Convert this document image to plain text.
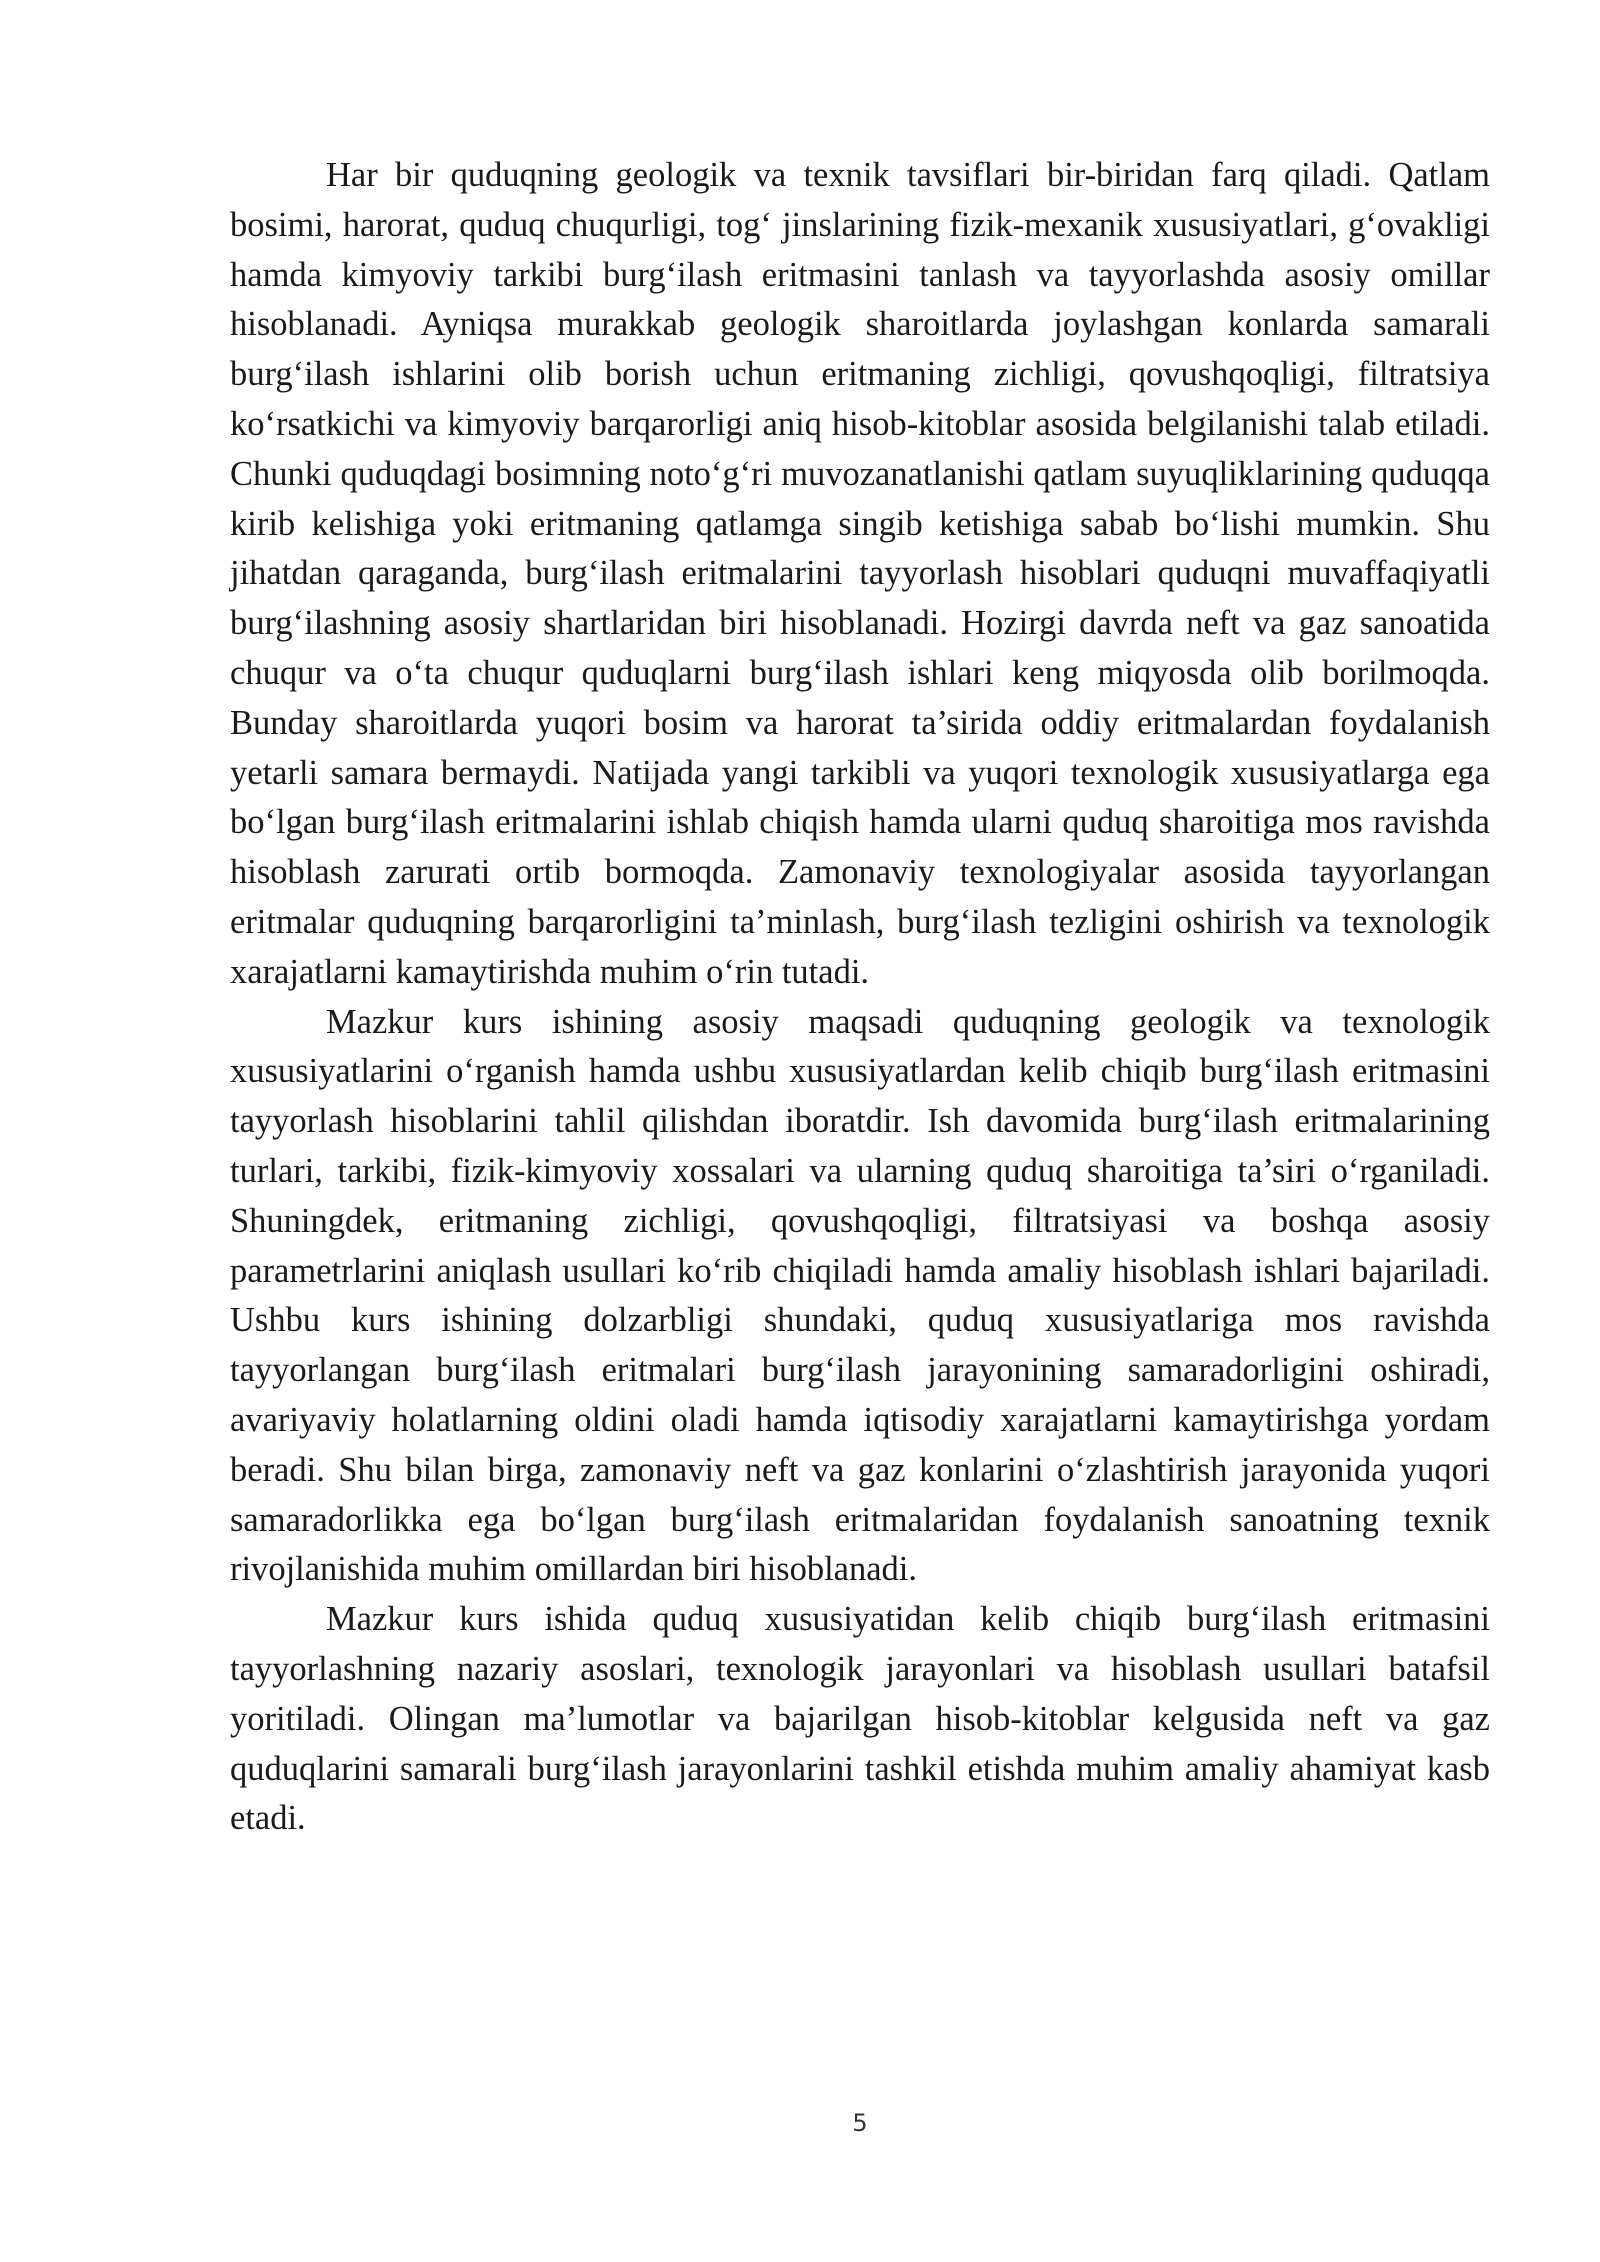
Har bir quduqning geologik va texnik tavsiflari bir-biridan farq qiladi. Qatlam bosimi, harorat, quduq chuqurligi, tog‘ jinslarining fizik-mexanik xususiyatlari, g‘ovakligi hamda kimyoviy tarkibi burg‘ilash eritmasini tanlash va tayyorlashda asosiy omillar hisoblanadi. Ayniqsa murakkab geologik sharoitlarda joylashgan konlarda samarali burg‘ilash ishlarini olib borish uchun eritmaning zichligi, qovushqoqligi, filtratsiya ko‘rsatkichi va kimyoviy barqarorligi aniq hisob-kitoblar asosida belgilanishi talab etiladi. Chunki quduqdagi bosimning noto‘g‘ri muvozanatlanishi qatlam suyuqliklarining quduqqa kirib kelishiga yoki eritmaning qatlamga singib ketishiga sabab bo‘lishi mumkin. Shu jihatdan qaraganda, burg‘ilash eritmalarini tayyorlash hisoblari quduqni muvaffaqiyatli burg‘ilashning asosiy shartlaridan biri hisoblanadi. Hozirgi davrda neft va gaz sanoatida chuqur va o‘ta chuqur quduqlarni burg‘ilash ishlari keng miqyosda olib borilmoqda. Bunday sharoitlarda yuqori bosim va harorat ta’sirida oddiy eritmalardan foydalanish yetarli samara bermaydi. Natijada yangi tarkibli va yuqori texnologik xususiyatlarga ega bo‘lgan burg‘ilash eritmalarini ishlab chiqish hamda ularni quduq sharoitiga mos ravishda hisoblash zarurati ortib bormoqda. Zamonaviy texnologiyalar asosida tayyorlangan eritmalar quduqning barqarorligini ta’minlash, burg‘ilash tezligini oshirish va texnologik xarajatlarni kamaytirishda muhim o‘rin tutadi.

Mazkur kurs ishining asosiy maqsadi quduqning geologik va texnologik xususiyatlarini o‘rganish hamda ushbu xususiyatlardan kelib chiqib burg‘ilash eritmasini tayyorlash hisoblarini tahlil qilishdan iboratdir. Ish davomida burg‘ilash eritmalarining turlari, tarkibi, fizik-kimyoviy xossalari va ularning quduq sharoitiga ta’siri o‘rganiladi. Shuningdek, eritmaning zichligi, qovushqoqligi, filtratsiyasi va boshqa asosiy parametrlarini aniqlash usullari ko‘rib chiqiladi hamda amaliy hisoblash ishlari bajariladi. Ushbu kurs ishining dolzarbligi shundaki, quduq xususiyatlariga mos ravishda tayyorlangan burg‘ilash eritmalari burg‘ilash jarayonining samaradorligini oshiradi, avariyaviy holatlarning oldini oladi hamda iqtisodiy xarajatlarni kamaytirishga yordam beradi. Shu bilan birga, zamonaviy neft va gaz konlarini o‘zlashtirish jarayonida yuqori samaradorlikka ega bo‘lgan burg‘ilash eritmalaridan foydalanish sanoatning texnik rivojlanishida muhim omillardan biri hisoblanadi.

Mazkur kurs ishida quduq xususiyatidan kelib chiqib burg‘ilash eritmasini tayyorlashning nazariy asoslari, texnologik jarayonlari va hisoblash usullari batafsil yoritiladi. Olingan ma’lumotlar va bajarilgan hisob-kitoblar kelgusida neft va gaz quduqlarini samarali burg‘ilash jarayonlarini tashkil etishda muhim amaliy ahamiyat kasb etadi.

5
